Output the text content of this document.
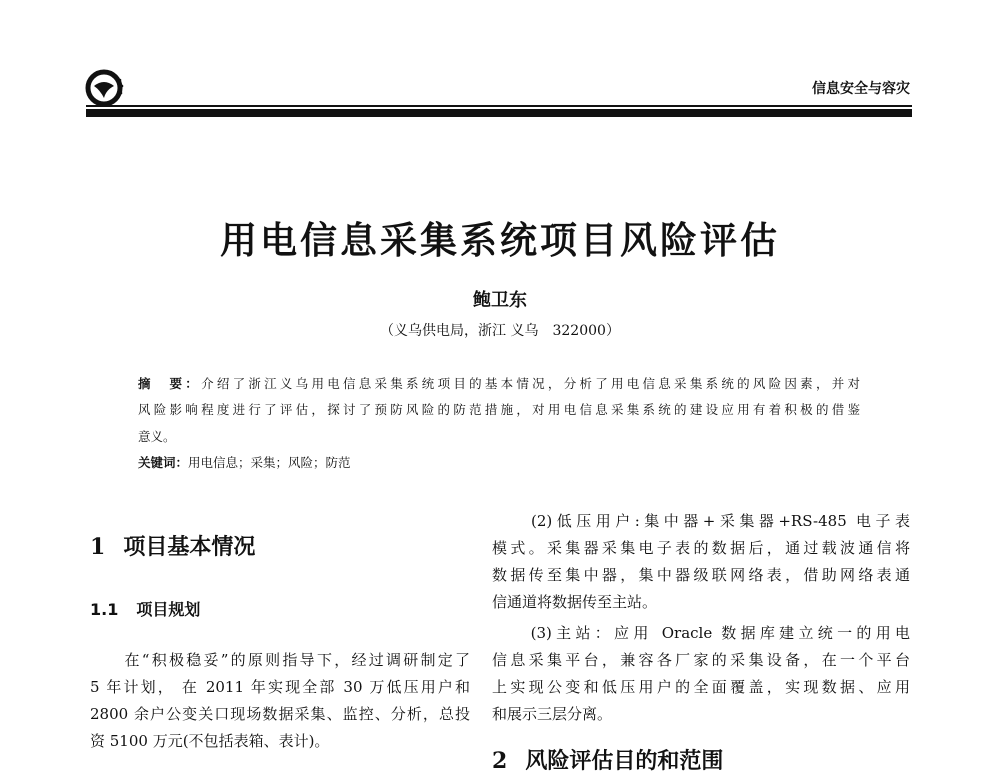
信息安全与容灾
用电信息采集系统项目风险评估
鲍卫东
（义乌供电局，浙江 义乌　322000）
摘　要：介绍了浙江义乌用电信息采集系统项目的基本情况，分析了用电信息采集系统的风险因素，并对
风险影响程度进行了评估，探讨了预防风险的防范措施，对用电信息采集系统的建设应用有着积极的借鉴
意义。
关键词：用电信息；采集；风险；防范
1 项目基本情况
1.1 项目规划
　　在“积极稳妥”的原则指导下，经过调研制定了
5 年计划， 在 2011 年实现全部 30 万低压用户和
2800 余户公变关口现场数据采集、监控、分析，总投
资 5100 万元(不包括表箱、表计)。
　　(2)低压用户:集中器+采集器+RS-485 电子表
模式。采集器采集电子表的数据后，通过载波通信将
数据传至集中器，集中器级联网络表，借助网络表通
信通道将数据传至主站。
　　(3)主站：应用 Oracle 数据库建立统一的用电
信息采集平台，兼容各厂家的采集设备，在一个平台
上实现公变和低压用户的全面覆盖，实现数据、应用
和展示三层分离。
2 风险评估目的和范围
